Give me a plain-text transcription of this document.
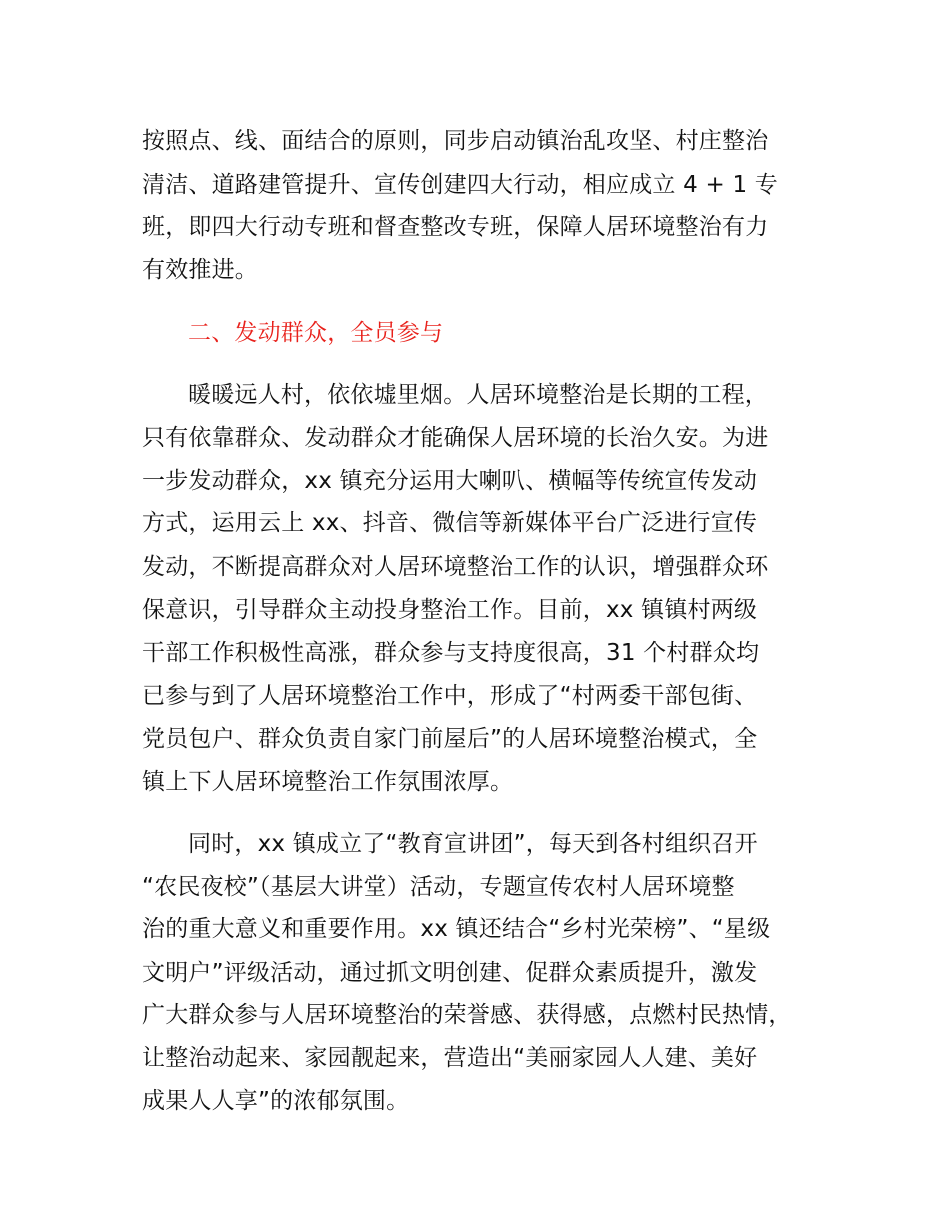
按照点、线、面结合的原则，同步启动镇治乱攻坚、村庄整治
清洁、道路建管提升、宣传创建四大行动，相应成立 4 + 1 专
班，即四大行动专班和督查整改专班，保障人居环境整治有力
有效推进。
二、发动群众，全员参与
暖暖远人村，依依墟里烟。人居环境整治是长期的工程，
只有依靠群众、发动群众才能确保人居环境的长治久安。为进
一步发动群众，xx 镇充分运用大喇叭、横幅等传统宣传发动
方式，运用云上 xx、抖音、微信等新媒体平台广泛进行宣传
发动，不断提高群众对人居环境整治工作的认识，增强群众环
保意识，引导群众主动投身整治工作。目前，xx 镇镇村两级
干部工作积极性高涨，群众参与支持度很高，31 个村群众均
已参与到了人居环境整治工作中，形成了“村两委干部包街、
党员包户、群众负责自家门前屋后”的人居环境整治模式，全
镇上下人居环境整治工作氛围浓厚。
同时，xx 镇成立了“教育宣讲团”，每天到各村组织召开
“农民夜校”（基层大讲堂）活动，专题宣传农村人居环境整
治的重大意义和重要作用。xx 镇还结合“乡村光荣榜”、“星级
文明户”评级活动，通过抓文明创建、促群众素质提升，激发
广大群众参与人居环境整治的荣誉感、获得感，点燃村民热情，
让整治动起来、家园靓起来，营造出“美丽家园人人建、美好
成果人人享”的浓郁氛围。
